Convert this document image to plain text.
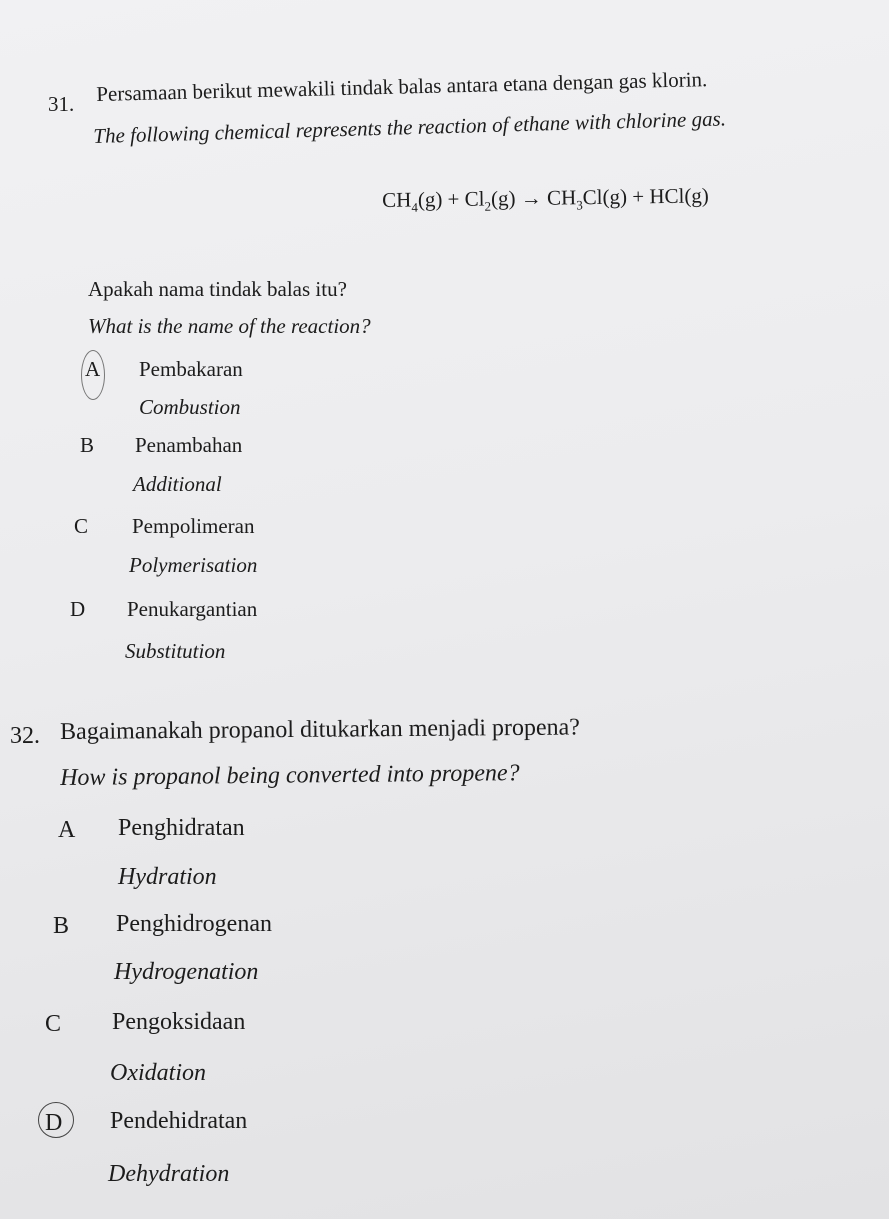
31. Persamaan berikut mewakili tindak balas antara etana dengan gas klorin.
The following chemical represents the reaction of ethane with chlorine gas.
$CH_4(g) + Cl_2(g) \to CH_3Cl(g) + HCl(g)$
Apakah nama tindak balas itu?
What is the name of the reaction?
A Pembakaran
Combustion
B Penambahan
Additional
C Pempolimeran
Polymerisation
D Penukargantian
Substitution
32. Bagaimanakah propanol ditukarkan menjadi propena?
How is propanol being converted into propene?
A Penghidratan
Hydration
B Penghidrogenan
Hydrogenation
C Pengoksidaan
Oxidation
D Pendehidratan
Dehydration
